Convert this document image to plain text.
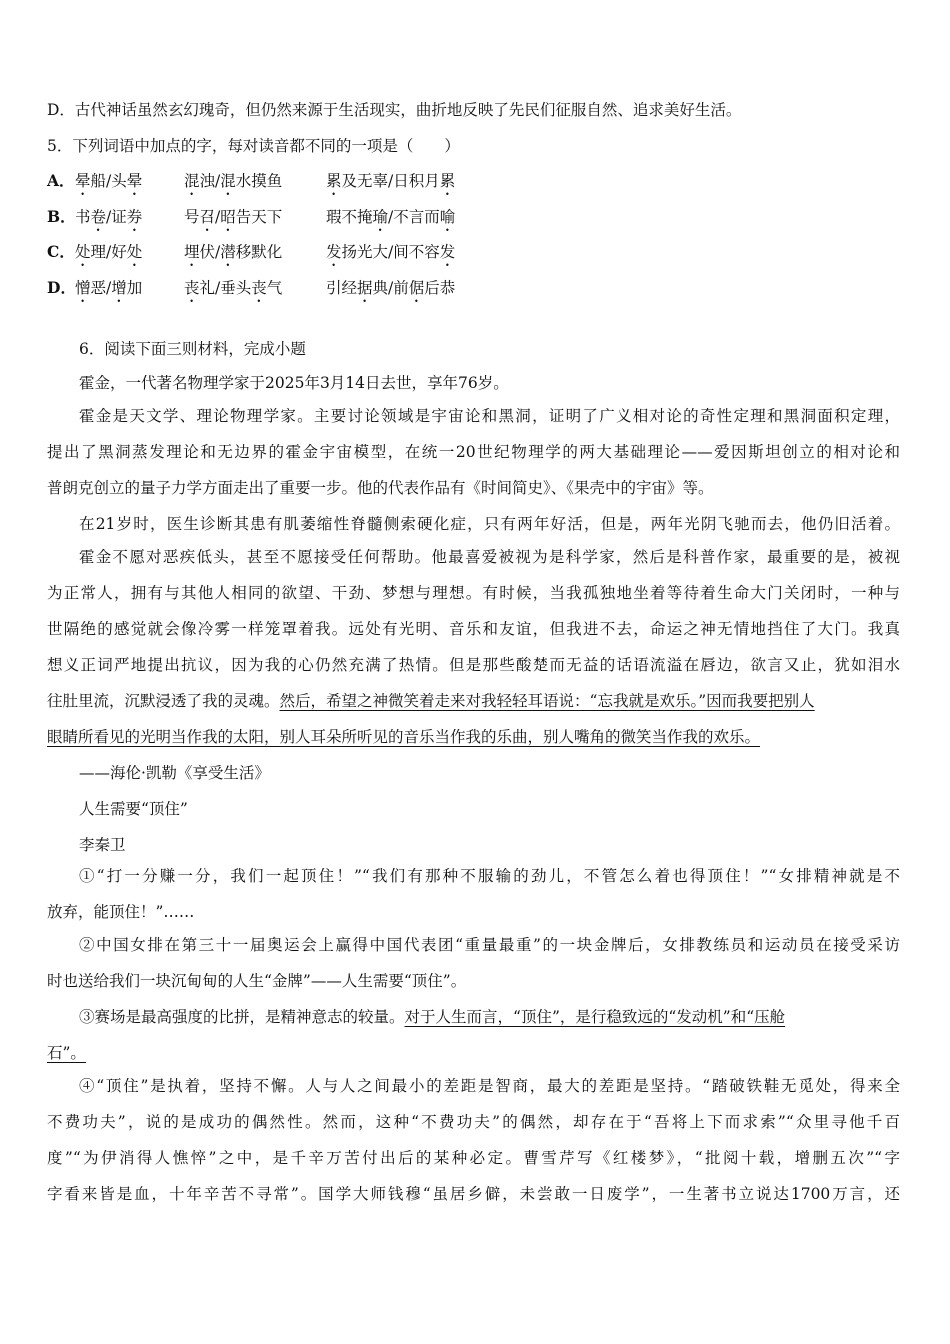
D．古代神话虽然玄幻瑰奇，但仍然来源于生活现实，曲折地反映了先民们征服自然、追求美好生活。
5．下列词语中加点的字，每对读音都不同的一项是（　　）
A． 晕船/头晕	混浊/混水摸鱼	累及无辜/日积月累
B． 书卷/证券	号召/昭告天下	瑕不掩瑜/不言而喻
C． 处理/好处	埋伏/潜移默化	发扬光大/间不容发
D． 憎恶/增加	丧礼/垂头丧气	引经据典/前倨后恭
6．阅读下面三则材料，完成小题
霍金，一代著名物理学家于2025年3月14日去世，享年76岁。
霍金是天文学、理论物理学家。主要讨论领域是宇宙论和黑洞，证明了广义相对论的奇性定理和黑洞面积定理，
提出了黑洞蒸发理论和无边界的霍金宇宙模型，在统一20世纪物理学的两大基础理论——爱因斯坦创立的相对论和
普朗克创立的量子力学方面走出了重要一步。他的代表作品有《时间简史》、《果壳中的宇宙》等。
在21岁时，医生诊断其患有肌萎缩性脊髓侧索硬化症，只有两年好活，但是，两年光阴飞驰而去，他仍旧活着。
霍金不愿对恶疾低头，甚至不愿接受任何帮助。他最喜爱被视为是科学家，然后是科普作家，最重要的是，被视
为正常人，拥有与其他人相同的欲望、干劲、梦想与理想。有时候，当我孤独地坐着等待着生命大门关闭时，一种与
世隔绝的感觉就会像冷雾一样笼罩着我。远处有光明、音乐和友谊，但我进不去，命运之神无情地挡住了大门。我真
想义正词严地提出抗议，因为我的心仍然充满了热情。但是那些酸楚而无益的话语流溢在唇边，欲言又止，犹如泪水
往肚里流，沉默浸透了我的灵魂。然后，希望之神微笑着走来对我轻轻耳语说：“忘我就是欢乐。”因而我要把别人
眼睛所看见的光明当作我的太阳，别人耳朵所听见的音乐当作我的乐曲，别人嘴角的微笑当作我的欢乐。
——海伦·凯勒《享受生活》
人生需要“顶住”
李秦卫
①“打一分赚一分，我们一起顶住！”“我们有那种不服输的劲儿，不管怎么着也得顶住！”“女排精神就是不
放弃，能顶住！”……
②中国女排在第三十一届奥运会上赢得中国代表团“重量最重”的一块金牌后，女排教练员和运动员在接受采访
时也送给我们一块沉甸甸的人生“金牌”——人生需要“顶住”。
③赛场是最高强度的比拼，是精神意志的较量。对于人生而言，“顶住”，是行稳致远的“发动机”和“压舱
石”。
④“顶住”是执着，坚持不懈。人与人之间最小的差距是智商，最大的差距是坚持。“踏破铁鞋无觅处，得来全
不费功夫”，说的是成功的偶然性。然而，这种“不费功夫”的偶然，却存在于“吾将上下而求索”“众里寻他千百
度”“为伊消得人憔悴”之中，是千辛万苦付出后的某种必定。曹雪芹写《红楼梦》，“批阅十载，增删五次”“字
字看来皆是血，十年辛苦不寻常”。国学大师钱穆“虽居乡僻，未尝敢一日废学”，一生著书立说达1700万言，还
